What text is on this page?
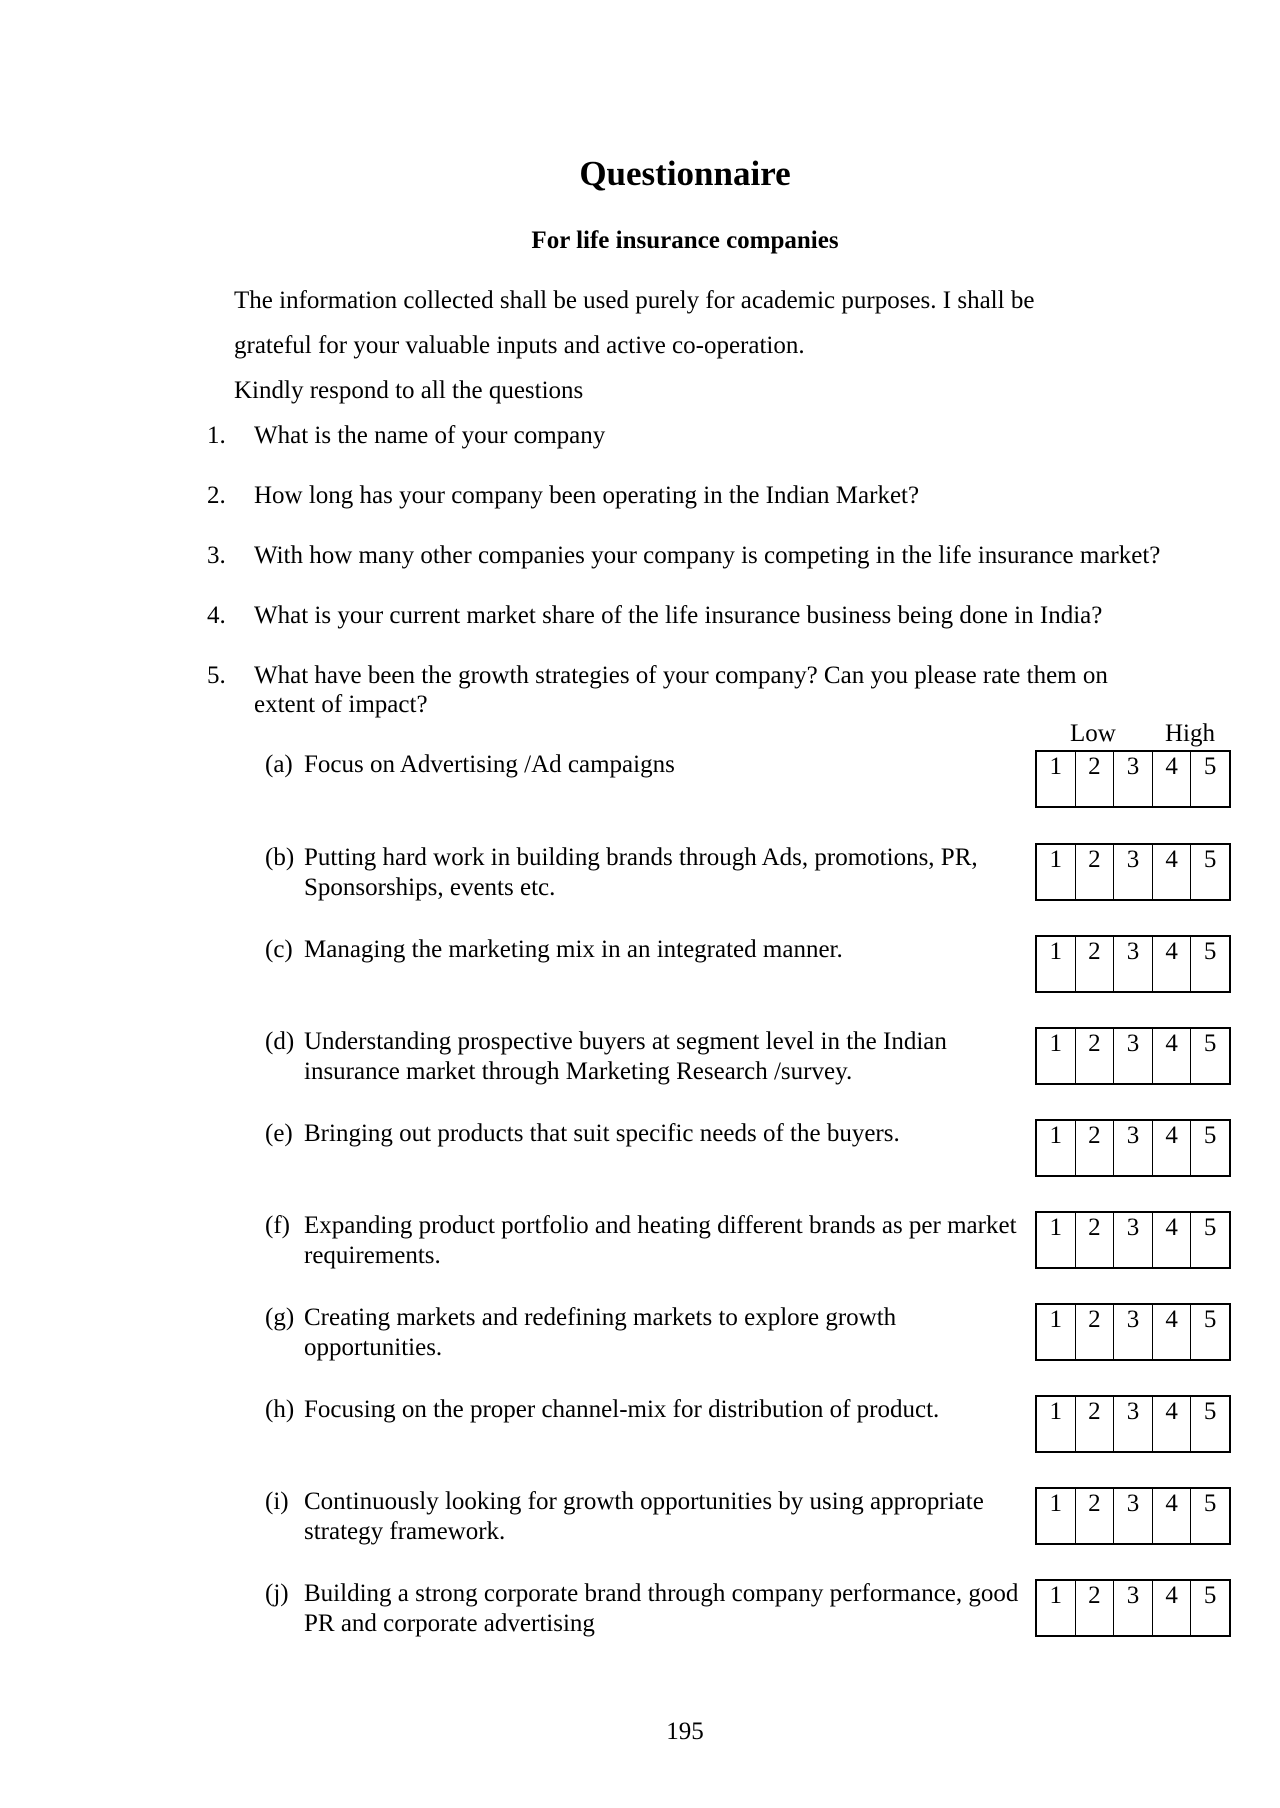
Questionnaire
For life insurance companies
The information collected shall be used purely for academic purposes. I shall be
grateful for your valuable inputs and active co-operation.
Kindly respond to all the questions
1. What is the name of your company
2. How long has your company been operating in the Indian Market?
3. With how many other companies your company is competing in the life insurance market?
4. What is your current market share of the life insurance business being done in India?
5. What have been the growth strategies of your company? Can you please rate them on
extent of impact?
Low High
(a) Focus on Advertising /Ad campaigns	1	2	3	4	5
(b) Putting hard work in building brands through Ads, promotions, PR, Sponsorships, events etc.
1	2	3	4	5
(c) Managing the marketing mix in an integrated manner.	1	2	3	4	5
(d) Understanding prospective buyers at segment level in the Indian insurance market through Marketing Research /survey.
1	2	3	4	5
(e) Bringing out products that suit specific needs of the buyers.	1	2	3	4	5
(f) Expanding product portfolio and heating different brands as per market requirements.
1	2	3	4	5
(g) Creating markets and redefining markets to explore growth opportunities.
1	2	3	4	5
(h) Focusing on the proper channel-mix for distribution of product.	1	2	3	4	5
(i) Continuously looking for growth opportunities by using appropriate strategy framework.
1	2	3	4	5
(j) Building a strong corporate brand through company performance, good PR and corporate advertising
1	2	3	4	5
195
